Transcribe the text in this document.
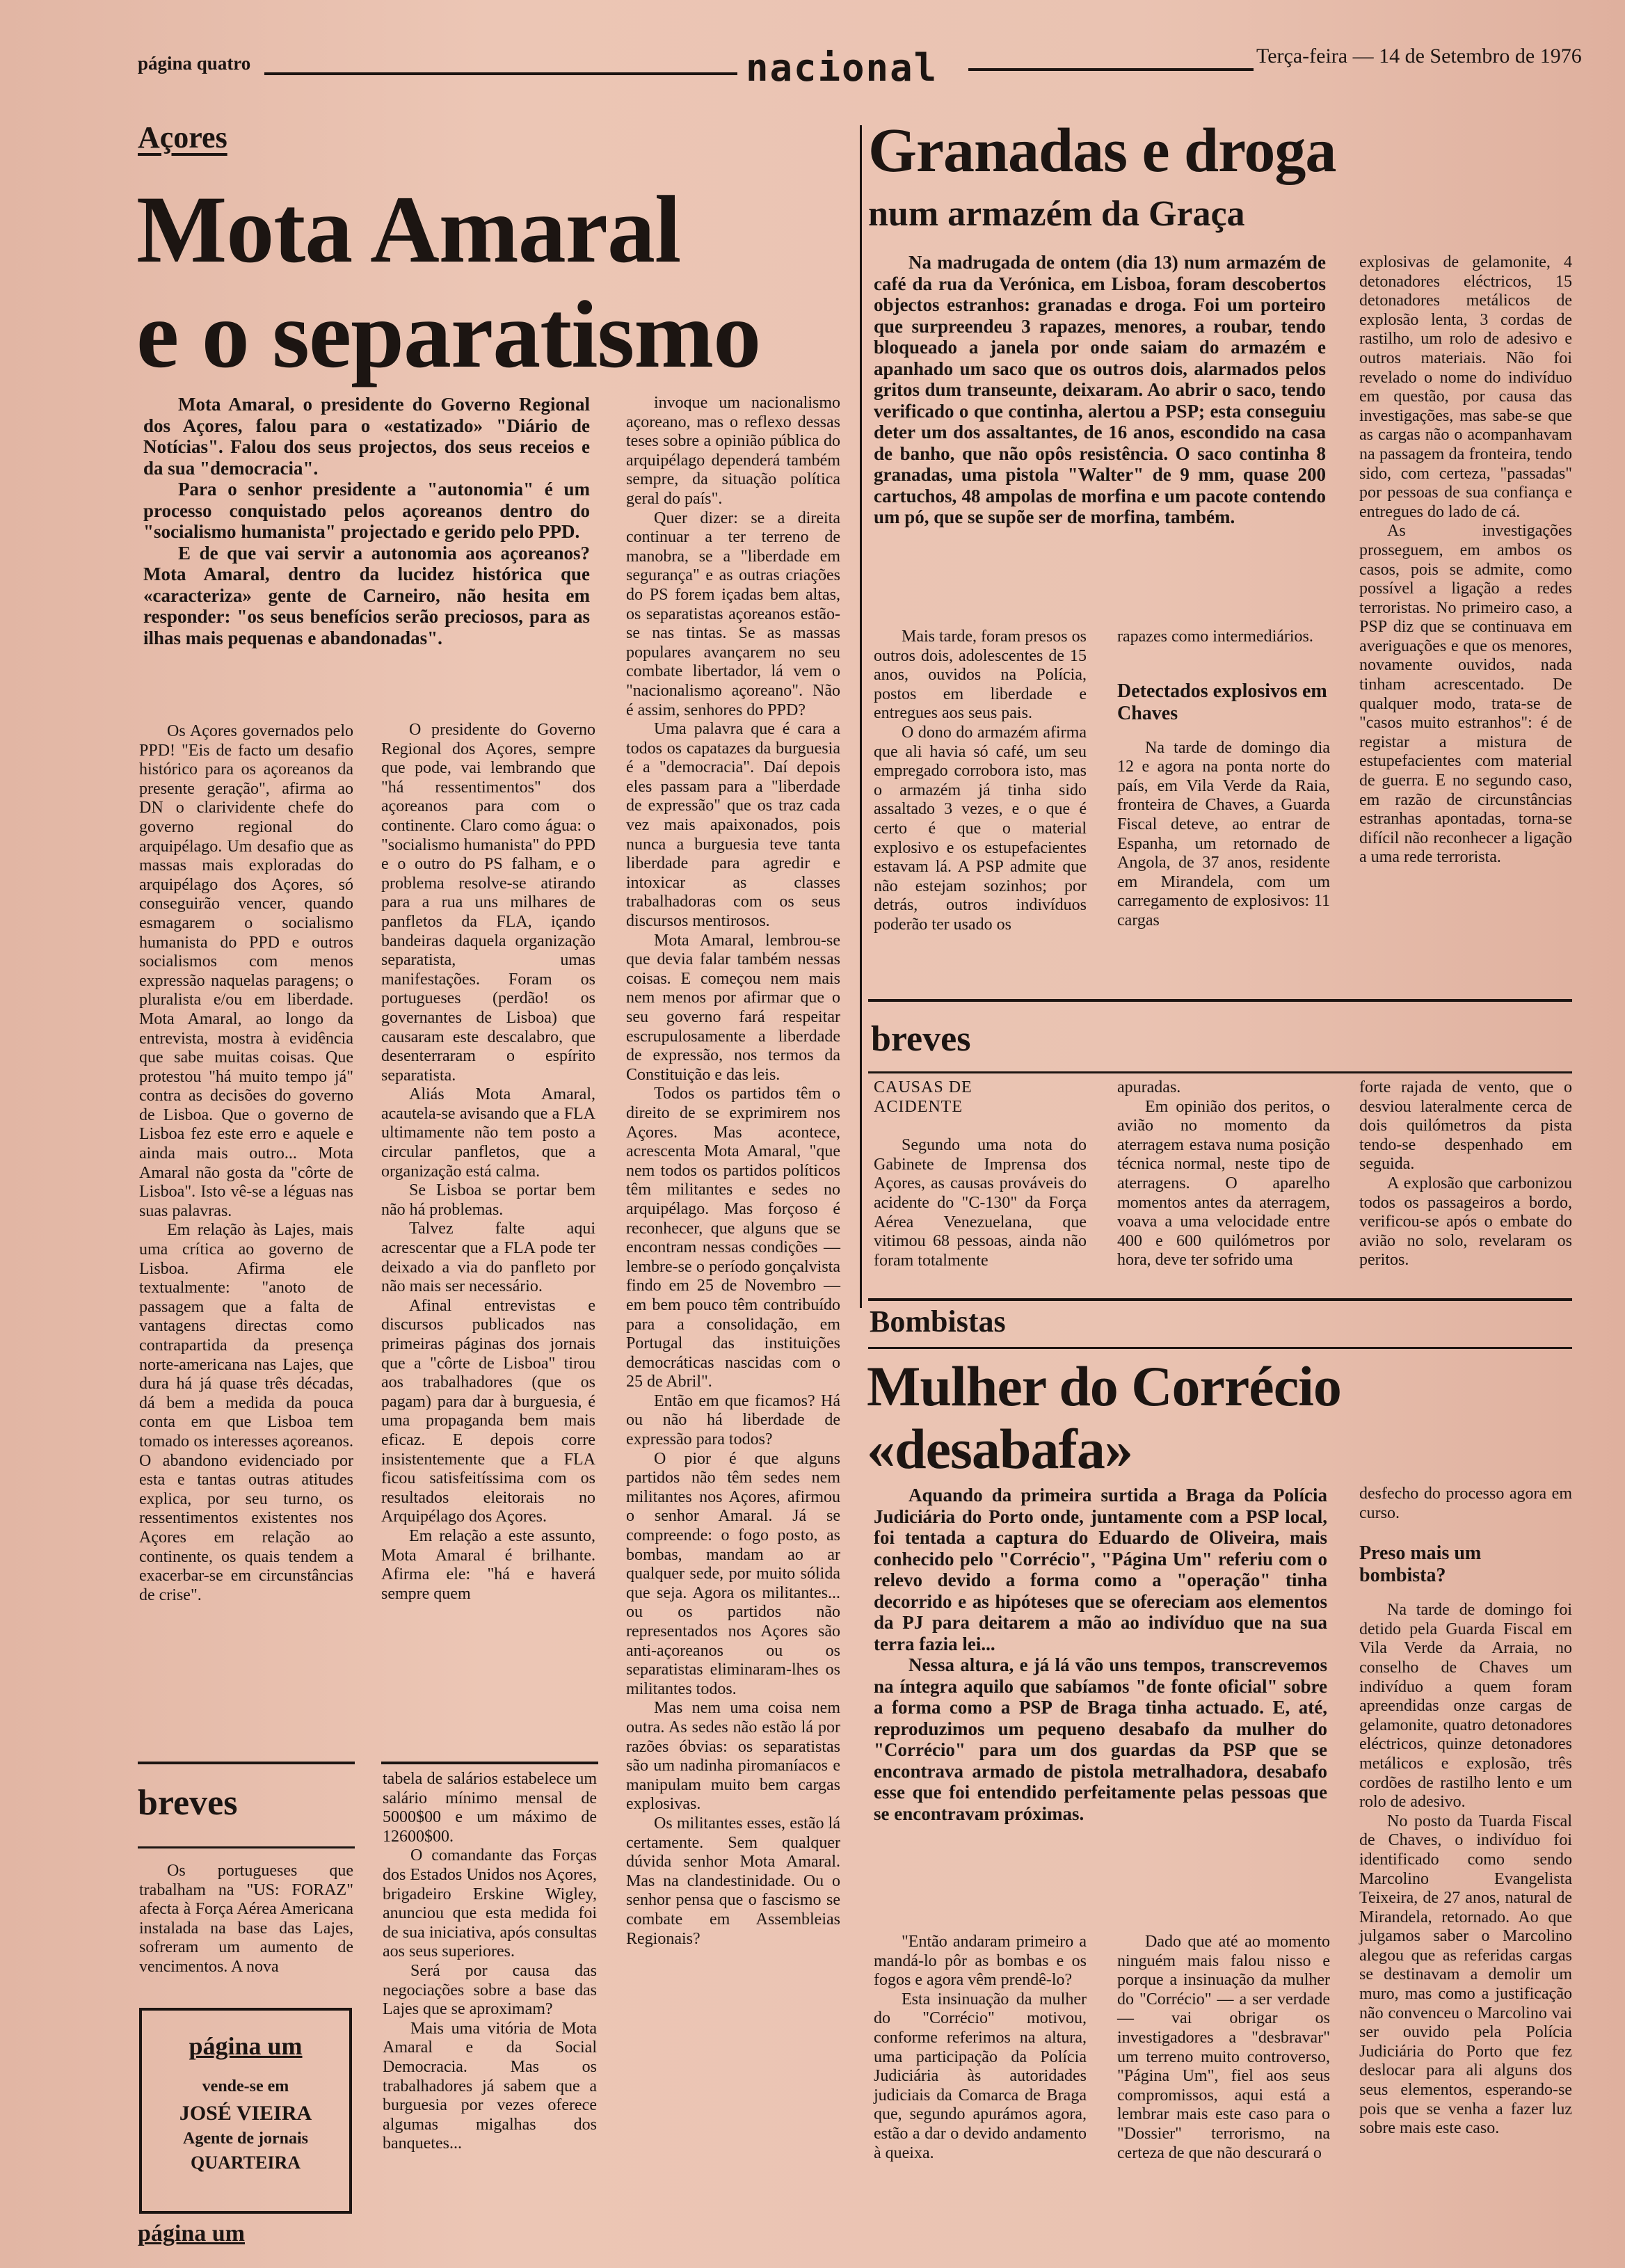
página quatro	nacional	Terça-feira — 14 de Setembro de 1976
Açores
Mota Amaral
e o separatismo

Mota Amaral, o presidente do Governo Regional dos Açores, falou para o «estatizado» "Diário de Notícias". Falou dos seus projectos, dos seus receios e da sua "democracia".

Para o senhor presidente a "autonomia" é um processo conquistado pelos açoreanos dentro do "socialismo humanista" projectado e gerido pelo PPD.

E de que vai servir a autonomia aos açoreanos? Mota Amaral, dentro da lucidez histórica que «caracteriza» gente de Carneiro, não hesita em responder: "os seus benefícios serão preciosos, para as ilhas mais pequenas e abandonadas".

Os Açores governados pelo PPD! "Eis de facto um desafio histórico para os açoreanos da presente geração", afirma ao DN o clarividente chefe do governo regional do arquipélago. Um desafio que as massas mais exploradas do arquipélago dos Açores, só conseguirão vencer, quando esmagarem o socialismo humanista do PPD e outros socialismos com menos expressão naquelas paragens; o pluralista e/ou em liberdade. Mota Amaral, ao longo da entrevista, mostra à evidência que sabe muitas coisas. Que protestou "há muito tempo já" contra as decisões do governo de Lisboa. Que o governo de Lisboa fez este erro e aquele e ainda mais outro... Mota Amaral não gosta da "côrte de Lisboa". Isto vê-se a léguas nas suas palavras.

Em relação às Lajes, mais uma crítica ao governo de Lisboa. Afirma ele textualmente: "anoto de passagem que a falta de vantagens directas como contrapartida da presença norte-americana nas Lajes, que dura há já quase três décadas, dá bem a medida da pouca conta em que Lisboa tem tomado os interesses açoreanos. O abandono evidenciado por esta e tantas outras atitudes explica, por seu turno, os ressentimentos existentes nos Açores em relação ao continente, os quais tendem a exacerbar-se em circunstâncias de crise".

O presidente do Governo Regional dos Açores, sempre que pode, vai lembrando que "há ressentimentos" dos açoreanos para com o continente. Claro como água: o "socialismo humanista" do PPD e o outro do PS falham, e o problema resolve-se atirando para a rua uns milhares de panfletos da FLA, içando bandeiras daquela organização separatista, umas manifestações. Foram os portugueses (perdão! os governantes de Lisboa) que causaram este descalabro, que desenterraram o espírito separatista.

Aliás Mota Amaral, acautela-se avisando que a FLA ultimamente não tem posto a circular panfletos, que a organização está calma.

Se Lisboa se portar bem não há problemas.

Talvez falte aqui acrescentar que a FLA pode ter deixado a via do panfleto por não mais ser necessário.

Afinal entrevistas e discursos publicados nas primeiras páginas dos jornais que a "côrte de Lisboa" tirou aos trabalhadores (que os pagam) para dar à burguesia, é uma propaganda bem mais eficaz. E depois corre insistentemente que a FLA ficou satisfeitíssima com os resultados eleitorais no Arquipélago dos Açores.

Em relação a este assunto, Mota Amaral é brilhante. Afirma ele: "há e haverá sempre quem

invoque um nacionalismo açoreano, mas o reflexo dessas teses sobre a opinião pública do arquipélago dependerá também sempre, da situação política geral do país".

Quer dizer: se a direita continuar a ter terreno de manobra, se a "liberdade em segurança" e as outras criações do PS forem içadas bem altas, os separatistas açoreanos estão-se nas tintas. Se as massas populares avançarem no seu combate libertador, lá vem o "nacionalismo açoreano". Não é assim, senhores do PPD?

Uma palavra que é cara a todos os capatazes da burguesia é a "democracia". Daí depois eles passam para a "liberdade de expressão" que os traz cada vez mais apaixonados, pois nunca a burguesia teve tanta liberdade para agredir e intoxicar as classes trabalhadoras com os seus discursos mentirosos.

Mota Amaral, lembrou-se que devia falar também nessas coisas. E começou nem mais nem menos por afirmar que o seu governo fará respeitar escrupulosamente a liberdade de expressão, nos termos da Constituição e das leis.

Todos os partidos têm o direito de se exprimirem nos Açores. Mas acontece, acrescenta Mota Amaral, "que nem todos os partidos políticos têm militantes e sedes no arquipélago. Mas forçoso é reconhecer, que alguns que se encontram nessas condições — lembre-se o período gonçalvista findo em 25 de Novembro — em bem pouco têm contribuído para a consolidação, em Portugal das instituições democráticas nascidas com o 25 de Abril".

Então em que ficamos? Há ou não há liberdade de expressão para todos?

O pior é que alguns partidos não têm sedes nem militantes nos Açores, afirmou o senhor Amaral. Já se compreende: o fogo posto, as bombas, mandam ao ar qualquer sede, por muito sólida que seja. Agora os militantes... ou os partidos não representados nos Açores são anti-açoreanos ou os separatistas eliminaram-lhes os militantes todos.

Mas nem uma coisa nem outra. As sedes não estão lá por razões óbvias: os separatistas são um nadinha piromaníacos e manipulam muito bem cargas explosivas.

Os militantes esses, estão lá certamente. Sem qualquer dúvida senhor Mota Amaral. Mas na clandestinidade. Ou o senhor pensa que o fascismo se combate em Assembleias Regionais?

breves

Os portugueses que trabalham na "US: FORAZ" afecta à Força Aérea Americana instalada na base das Lajes, sofreram um aumento de vencimentos. A nova

tabela de salários estabelece um salário mínimo mensal de 5000$00 e um máximo de 12600$00.

O comandante das Forças dos Estados Unidos nos Açores, brigadeiro Erskine Wigley, anunciou que esta medida foi de sua iniciativa, após consultas aos seus superiores.

Será por causa das negociações sobre a base das Lajes que se aproximam?

Mais uma vitória de Mota Amaral e da Social Democracia. Mas os trabalhadores já sabem que a burguesia por vezes oferece algumas migalhas dos banquetes...

página um
vende-se em
JOSÉ VIEIRA
Agente de jornais
QUARTEIRA
página um
Granadas e droga
num armazém da Graça

Na madrugada de ontem (dia 13) num armazém de café da rua da Verónica, em Lisboa, foram descobertos objectos estranhos: granadas e droga. Foi um porteiro que surpreendeu 3 rapazes, menores, a roubar, tendo bloqueado a janela por onde saiam do armazém e apanhado um saco que os outros dois, alarmados pelos gritos dum transeunte, deixaram. Ao abrir o saco, tendo verificado o que continha, alertou a PSP; esta conseguiu deter um dos assaltantes, de 16 anos, escondido na casa de banho, que não opôs resistência. O saco continha 8 granadas, uma pistola "Walter" de 9 mm, quase 200 cartuchos, 48 ampolas de morfina e um pacote contendo um pó, que se supõe ser de morfina, também.

Mais tarde, foram presos os outros dois, adolescentes de 15 anos, ouvidos na Polícia, postos em liberdade e entregues aos seus pais.

O dono do armazém afirma que ali havia só café, um seu empregado corrobora isto, mas o armazém já tinha sido assaltado 3 vezes, e o que é certo é que o material explosivo e os estupefacientes estavam lá. A PSP admite que não estejam sozinhos; por detrás, outros indivíduos poderão ter usado os

rapazes como intermediários.
Detectados explosivos em Chaves

Na tarde de domingo dia 12 e agora na ponta norte do país, em Vila Verde da Raia, fronteira de Chaves, a Guarda Fiscal deteve, ao entrar de Espanha, um retornado de Angola, de 37 anos, residente em Mirandela, com um carregamento de explosivos: 11 cargas

explosivas de gelamonite, 4 detonadores eléctricos, 15 detonadores metálicos de explosão lenta, 3 cordas de rastilho, um rolo de adesivo e outros materiais. Não foi revelado o nome do indivíduo em questão, por causa das investigações, mas sabe-se que as cargas não o acompanhavam na passagem da fronteira, tendo sido, com certeza, "passadas" por pessoas de sua confiança e entregues do lado de cá.

As investigações prosseguem, em ambos os casos, pois se admite, como possível a ligação a redes terroristas. No primeiro caso, a PSP diz que se continuava em averiguações e que os menores, novamente ouvidos, nada tinham acrescentado. De qualquer modo, trata-se de "casos muito estranhos": é de registar a mistura de estupefacientes com material de guerra. E no segundo caso, em razão de circunstâncias estranhas apontadas, torna-se difícil não reconhecer a ligação a uma rede terrorista.

breves
CAUSAS DE ACIDENTE

Segundo uma nota do Gabinete de Imprensa dos Açores, as causas prováveis do acidente do "C-130" da Força Aérea Venezuelana, que vitimou 68 pessoas, ainda não foram totalmente

apuradas.

Em opinião dos peritos, o avião no momento da aterragem estava numa posição técnica normal, neste tipo de aterragens. O aparelho momentos antes da aterragem, voava a uma velocidade entre 400 e 600 quilómetros por hora, deve ter sofrido uma

forte rajada de vento, que o desviou lateralmente cerca de dois quilómetros da pista tendo-se despenhado em seguida.

A explosão que carbonizou todos os passageiros a bordo, verificou-se após o embate do avião no solo, revelaram os peritos.

Bombistas
Mulher do Corrécio
«desabafa»

Aquando da primeira surtida a Braga da Polícia Judiciária do Porto onde, juntamente com a PSP local, foi tentada a captura do Eduardo de Oliveira, mais conhecido pelo "Corrécio", "Página Um" referiu com o relevo devido a forma como a "operação" tinha decorrido e as hipóteses que se ofereciam aos elementos da PJ para deitarem a mão ao indivíduo que na sua terra fazia lei...

Nessa altura, e já lá vão uns tempos, transcrevemos na íntegra aquilo que sabíamos "de fonte oficial" sobre a forma como a PSP de Braga tinha actuado. E, até, reproduzimos um pequeno desabafo da mulher do "Corrécio" para um dos guardas da PSP que se encontrava armado de pistola metralhadora, desabafo esse que foi entendido perfeitamente pelas pessoas que se encontravam próximas.

"Então andaram primeiro a mandá-lo pôr as bombas e os fogos e agora vêm prendê-lo?

Esta insinuação da mulher do "Corrécio" motivou, conforme referimos na altura, uma participação da Polícia Judiciária às autoridades judiciais da Comarca de Braga que, segundo apurámos agora, estão a dar o devido andamento à queixa.

Dado que até ao momento ninguém mais falou nisso e porque a insinuação da mulher do "Corrécio" — a ser verdade — vai obrigar os investigadores a "desbravar" um terreno muito controverso, "Página Um", fiel aos seus compromissos, aqui está a lembrar mais este caso para o "Dossier" terrorismo, na certeza de que não descurará o

desfecho do processo agora em curso.
Preso mais um bombista?

Na tarde de domingo foi detido pela Guarda Fiscal em Vila Verde da Arraia, no conselho de Chaves um indivíduo a quem foram apreendidas onze cargas de gelamonite, quatro detonadores eléctricos, quinze detonadores metálicos e explosão, três cordões de rastilho lento e um rolo de adesivo.

No posto da Tuarda Fiscal de Chaves, o indivíduo foi identificado como sendo Marcolino Evangelista Teixeira, de 27 anos, natural de Mirandela, retornado. Ao que julgamos saber o Marcolino alegou que as referidas cargas se destinavam a demolir um muro, mas como a justificação não convenceu o Marcolino vai ser ouvido pela Polícia Judiciária do Porto que fez deslocar para ali alguns dos seus elementos, esperando-se pois que se venha a fazer luz sobre mais este caso.
